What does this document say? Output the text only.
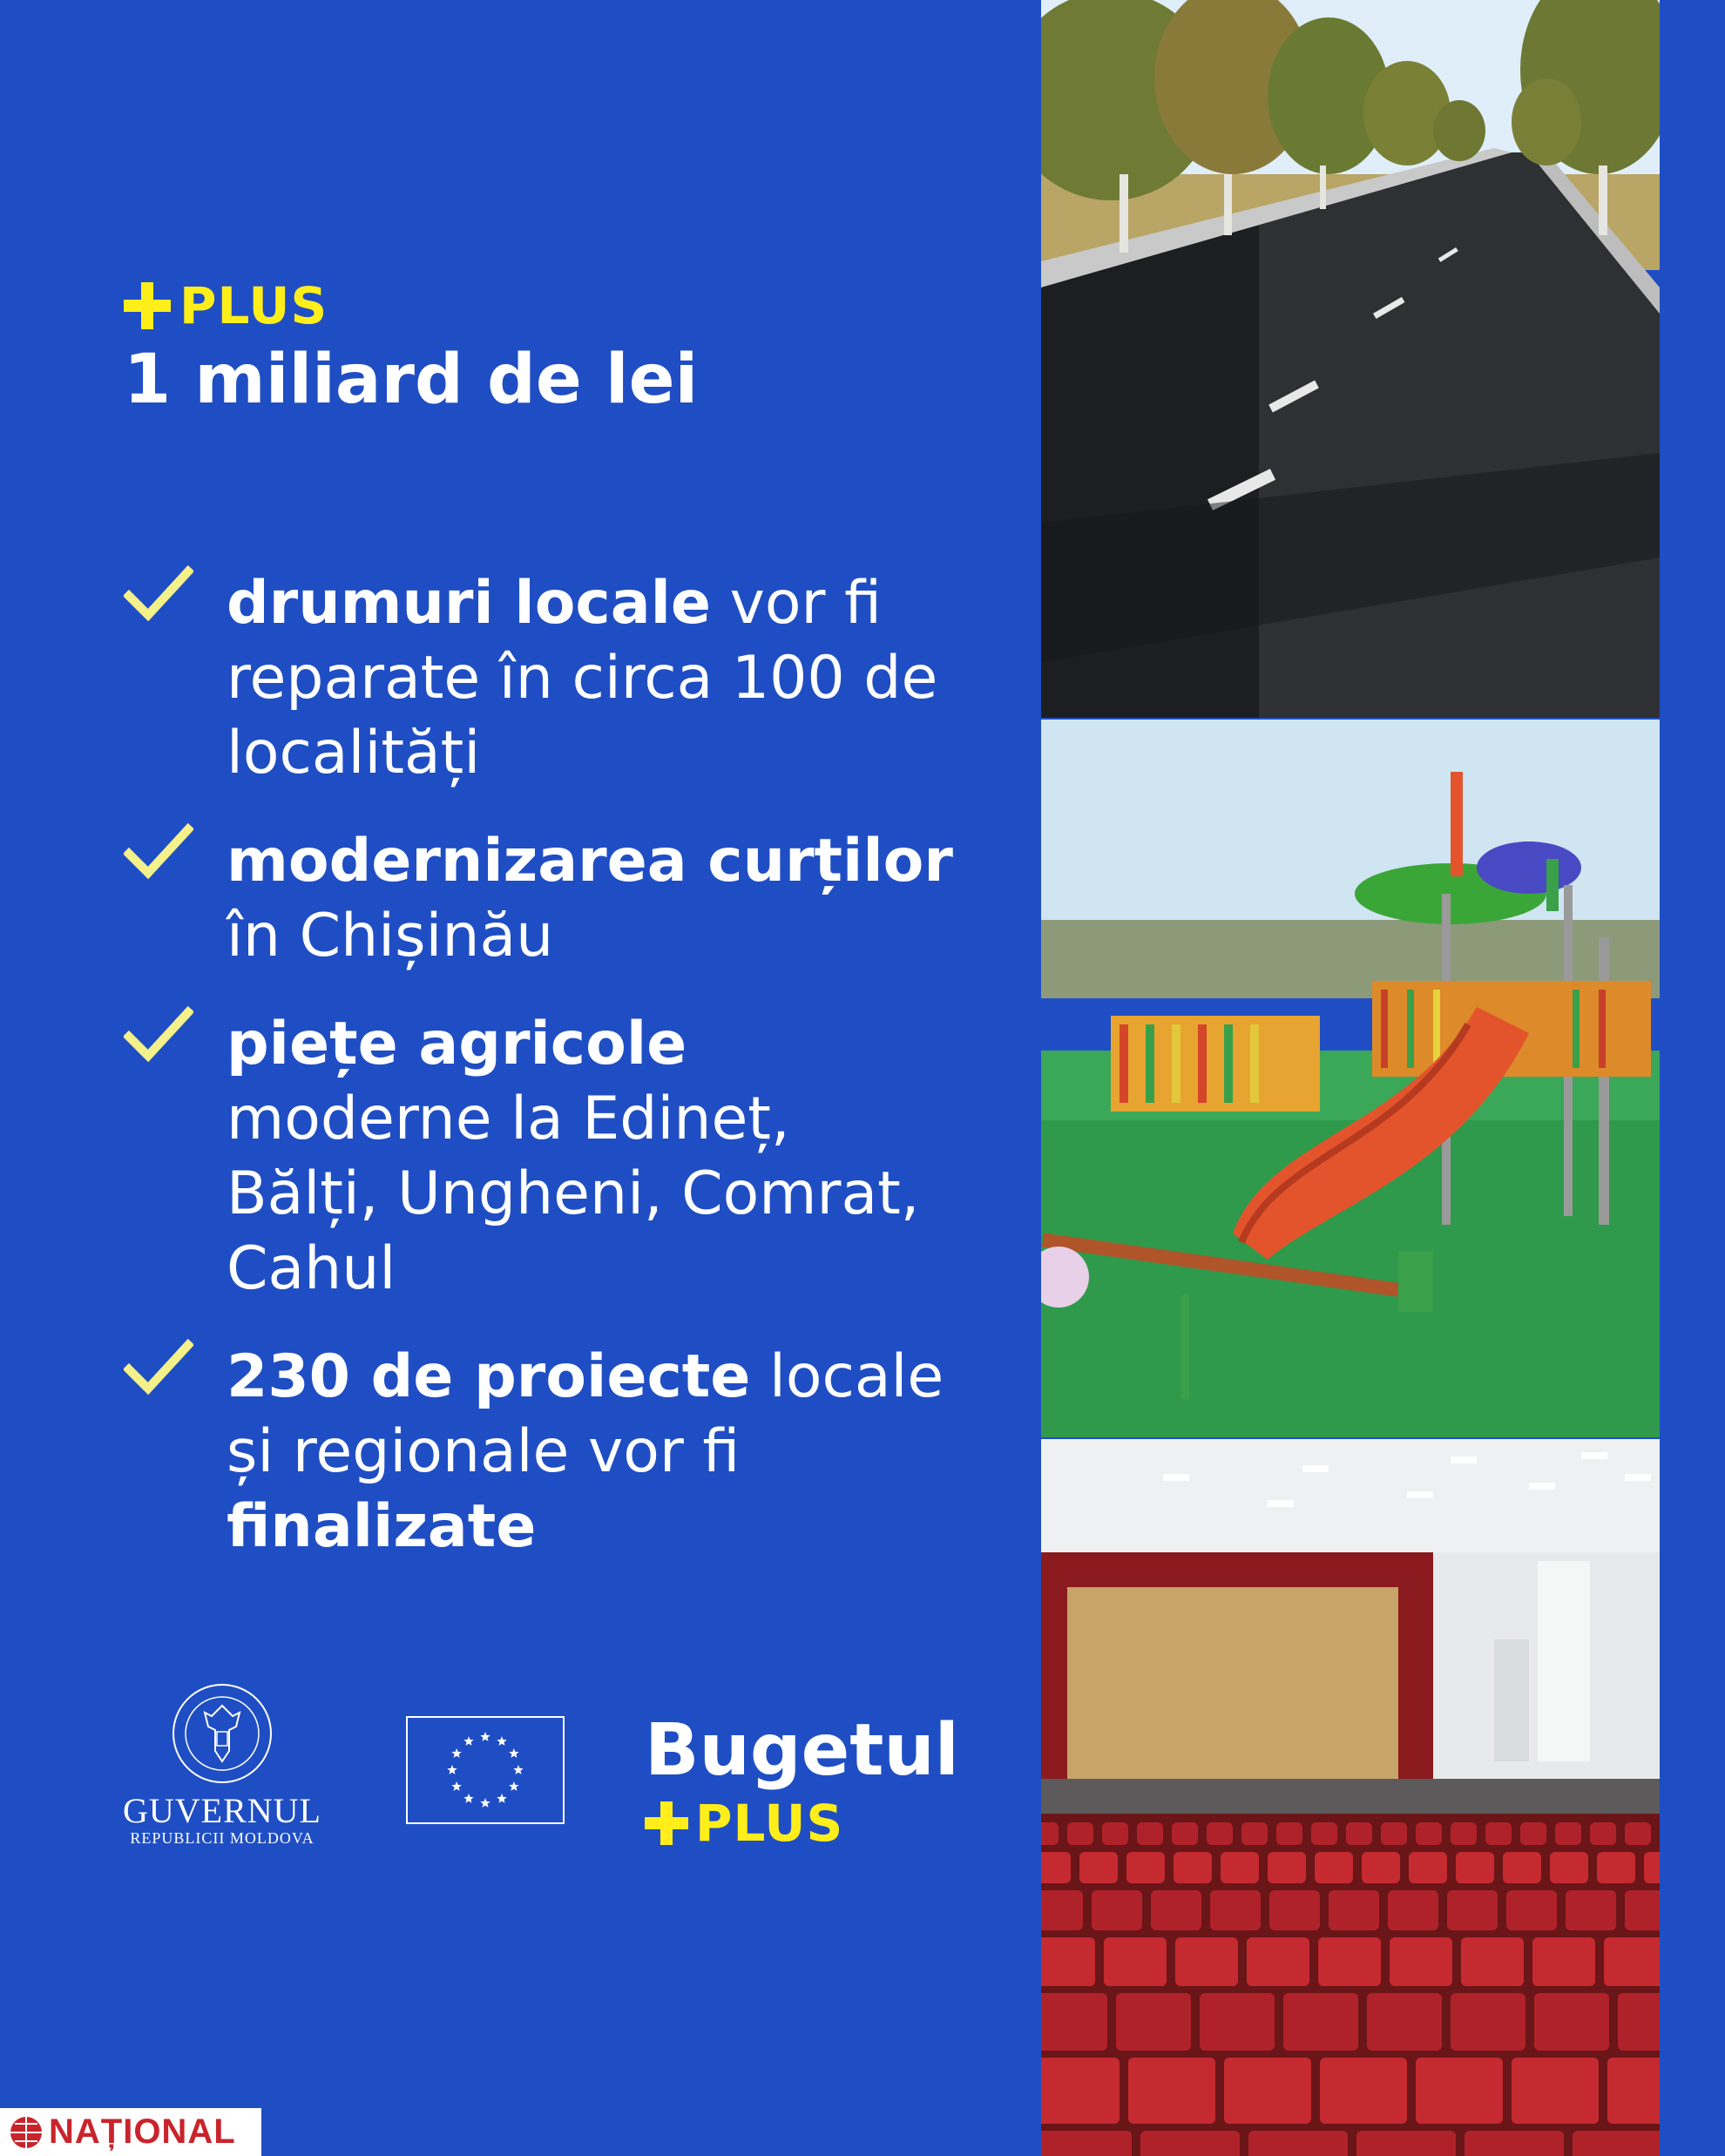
PLUS
1 miliard de lei
drumuri locale vor fi reparate în circa 100 de localități
modernizarea curților în Chișinău
piețe agricole moderne la Edineț, Bălți, Ungheni, Comrat, Cahul
230 de proiecte locale și regionale vor fi finalizate
GUVERNUL
REPUBLICII MOLDOVA
Bugetul
PLUS
NAȚIONAL
